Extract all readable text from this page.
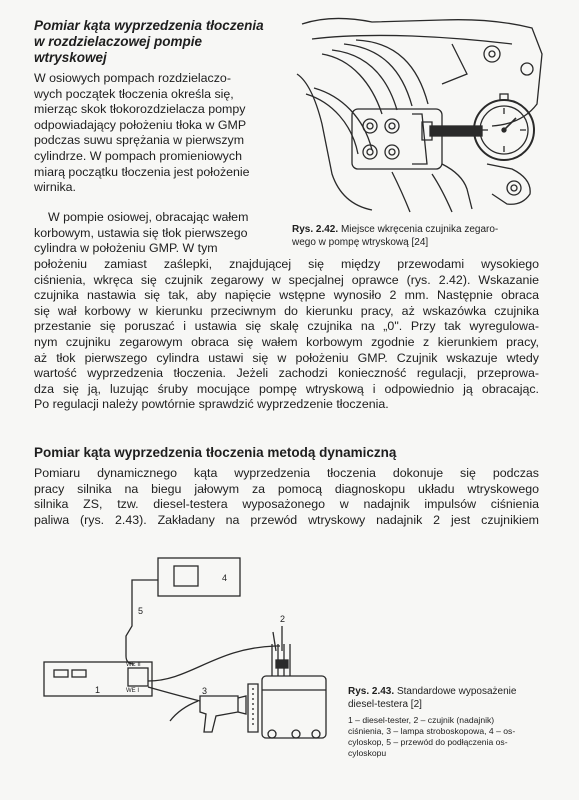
Pomiar kąta wyprzedzenia tłoczenia
w rozdzielaczowej pompie
wtryskowej
W osiowych pompach rozdzielaczo-
wych początek tłoczenia określa się,
mierząc skok tłokorozdzielacza pompy
odpowiadający położeniu tłoka w GMP
podczas suwu sprężania w pierwszym
cylindrze. W pompach promieniowych
miarą początku tłoczenia jest położenie
wirnika.
W pompie osiowej, obracając wałem
korbowym, ustawia się tłok pierwszego
cylindra w położeniu GMP. W tym
Rys. 2.42. Miejsce wkręcenia czujnika zegaro-
wego w pompę wtryskową [24]
położeniu zamiast zaślepki, znajdującej się między przewodami wysokiego
ciśnienia, wkręca się czujnik zegarowy w specjalnej oprawce (rys. 2.42). Wskazanie
czujnika nastawia się tak, aby napięcie wstępne wynosiło 2 mm. Następnie obraca
się wał korbowy w kierunku przeciwnym do kierunku pracy, aż wskazówka czujnika
przestanie się poruszać i ustawia się skalę czujnika na „0". Przy tak wyregulowa-
nym czujniku zegarowym obraca się wałem korbowym zgodnie z kierunkiem pracy,
aż tłok pierwszego cylindra ustawi się w położeniu GMP. Czujnik wskazuje wtedy
wartość wyprzedzenia tłoczenia. Jeżeli zachodzi konieczność regulacji, przeprowa-
dza się ją, luzując śruby mocujące pompę wtryskową i odpowiednio ją obracając.
Po regulacji należy powtórnie sprawdzić wyprzedzenie tłoczenia.
Pomiar kąta wyprzedzenia tłoczenia metodą dynamiczną
Pomiaru dynamicznego kąta wyprzedzenia tłoczenia dokonuje się podczas
pracy silnika na biegu jałowym za pomocą diagnoskopu układu wtryskowego
silnika ZS, tzw. diesel-testera wyposażonego w nadajnik impulsów ciśnienia
paliwa (rys. 2.43). Zakładany na przewód wtryskowy nadajnik 2 jest czujnikiem
4
5
1
WE II
WE I
2
3	Rys. 2.43. Standardowe wyposażenie
diesel-testera [2]
1 – diesel-tester, 2 – czujnik (nadajnik)
ciśnienia, 3 – lampa stroboskopowa, 4 – os-
cyloskop, 5 – przewód do podłączenia os-
cyloskopu
